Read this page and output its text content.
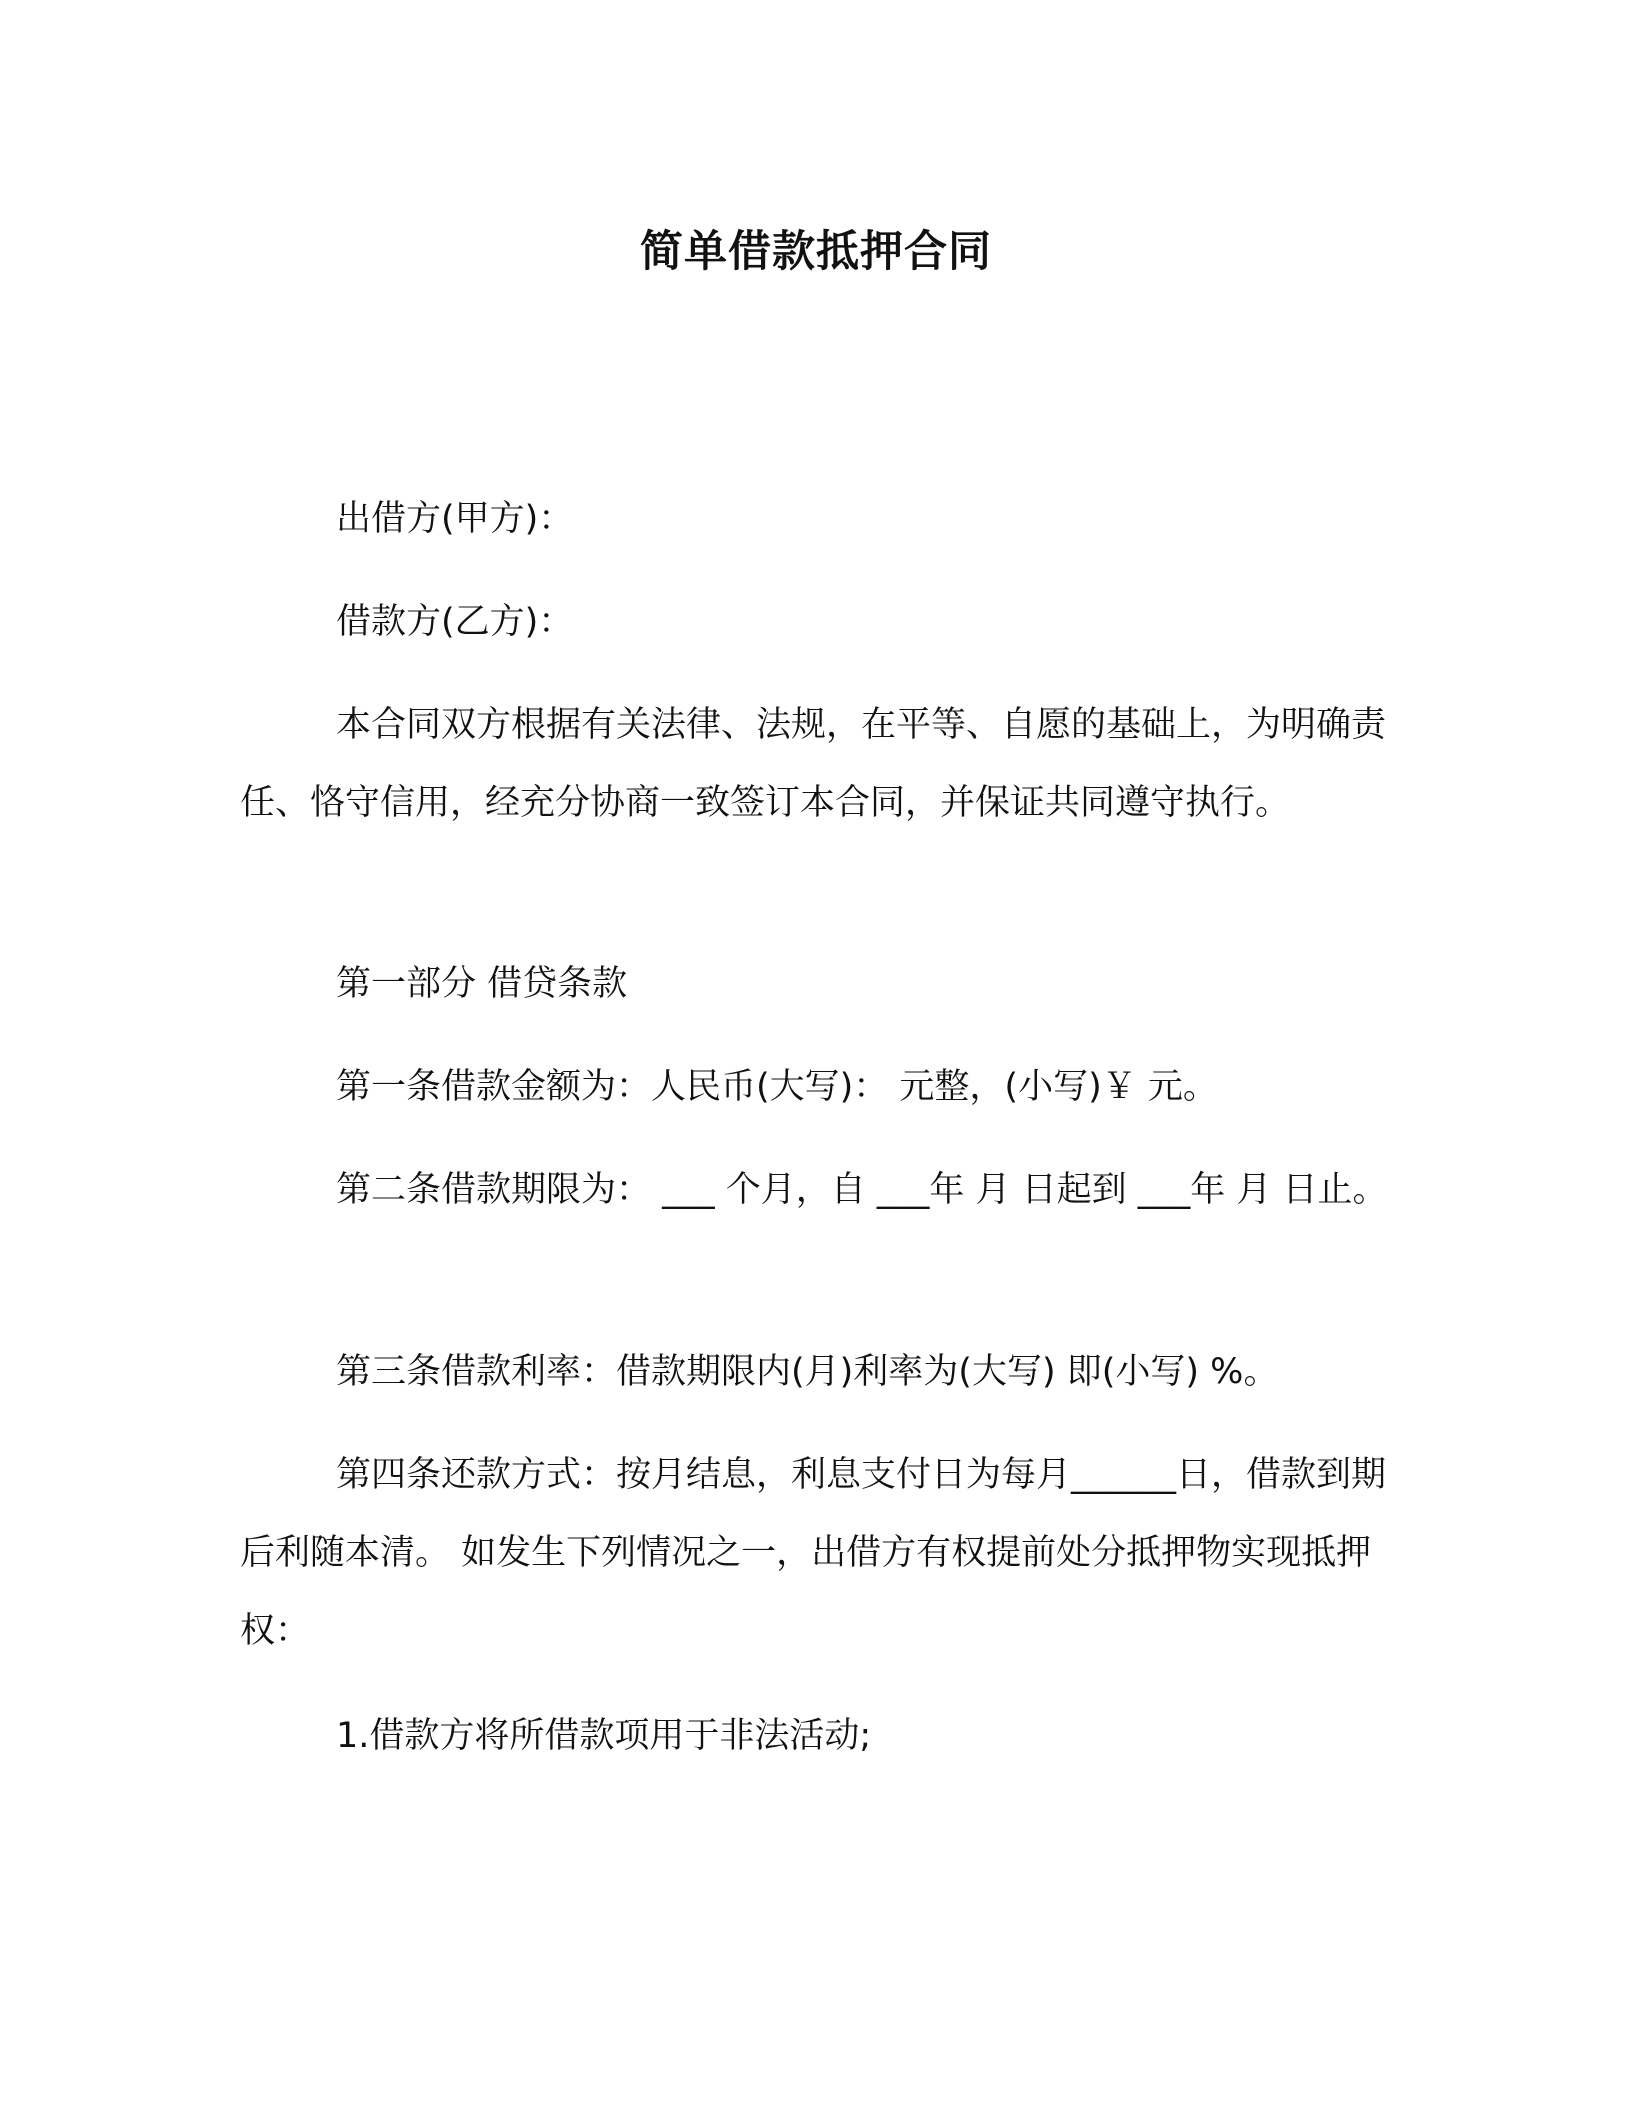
简单借款抵押合同
出借方(甲方)：
借款方(乙方)：
本合同双方根据有关法律、法规，在平等、自愿的基础上，为明确责任、恪守信用，经充分协商一致签订本合同，并保证共同遵守执行。
第一部分 借贷条款
第一条借款金额为：人民币(大写)： 元整，(小写)￥ 元。
第二条借款期限为： ___ 个月，自 ___年 月 日起到 ___年 月 日止。
第三条借款利率：借款期限内(月)利率为(大写) 即(小写) %。
第四条还款方式：按月结息，利息支付日为每月______日，借款到期后利随本清。 如发生下列情况之一，出借方有权提前处分抵押物实现抵押权：
1.借款方将所借款项用于非法活动;
